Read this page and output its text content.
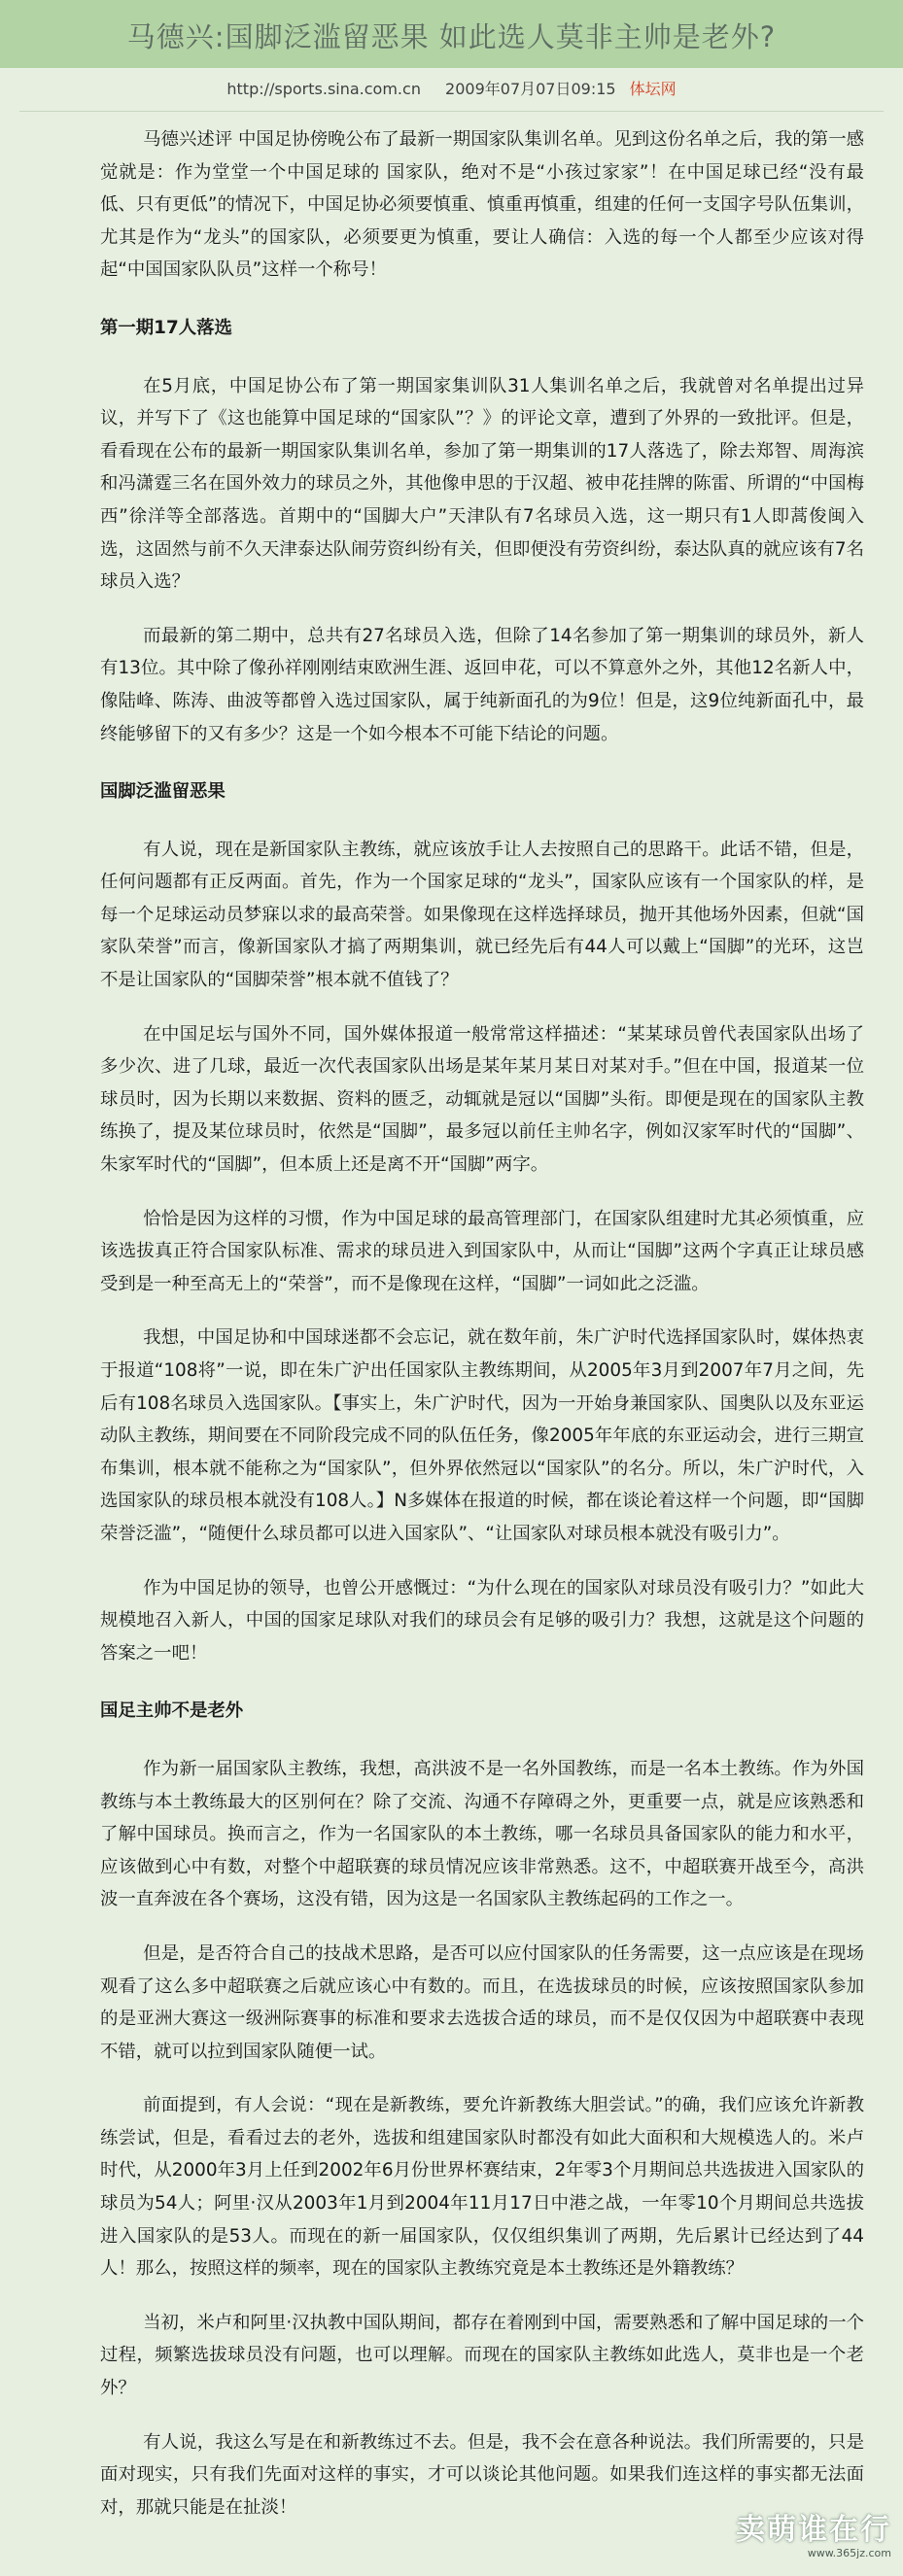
马德兴:国脚泛滥留恶果 如此选人莫非主帅是老外?
http://sports.sina.com.cn 2009年07月07日09:15 体坛网

马德兴述评 中国足协傍晚公布了最新一期国家队集训名单。见到这份名单之后，我的第一感觉就是：作为堂堂一个中国足球的 国家队，绝对不是“小孩过家家”！在中国足球已经“没有最低、只有更低”的情况下，中国足协必须要慎重、慎重再慎重，组建的任何一支国字号队伍集训，尤其是作为“龙头”的国家队，必须要更为慎重，要让人确信：入选的每一个人都至少应该对得起“中国国家队队员”这样一个称号！

第一期17人落选

在5月底，中国足协公布了第一期国家集训队31人集训名单之后，我就曾对名单提出过异议，并写下了《这也能算中国足球的“国家队”？》的评论文章，遭到了外界的一致批评。但是，看看现在公布的最新一期国家队集训名单，参加了第一期集训的17人落选了，除去郑智、周海滨和冯潇霆三名在国外效力的球员之外，其他像申思的于汉超、被申花挂牌的陈雷、所谓的“中国梅西”徐洋等全部落选。首期中的“国脚大户”天津队有7名球员入选，这一期只有1人即蒿俊闽入选，这固然与前不久天津泰达队闹劳资纠纷有关，但即便没有劳资纠纷，泰达队真的就应该有7名球员入选？

而最新的第二期中，总共有27名球员入选，但除了14名参加了第一期集训的球员外，新人有13位。其中除了像孙祥刚刚结束欧洲生涯、返回申花，可以不算意外之外，其他12名新人中，像陆峰、陈涛、曲波等都曾入选过国家队，属于纯新面孔的为9位！但是，这9位纯新面孔中，最终能够留下的又有多少？这是一个如今根本不可能下结论的问题。

国脚泛滥留恶果

有人说，现在是新国家队主教练，就应该放手让人去按照自己的思路干。此话不错，但是，任何问题都有正反两面。首先，作为一个国家足球的“龙头”，国家队应该有一个国家队的样，是每一个足球运动员梦寐以求的最高荣誉。如果像现在这样选择球员，抛开其他场外因素，但就“国家队荣誉”而言，像新国家队才搞了两期集训，就已经先后有44人可以戴上“国脚”的光环，这岂不是让国家队的“国脚荣誉”根本就不值钱了？

在中国足坛与国外不同，国外媒体报道一般常常这样描述：“某某球员曾代表国家队出场了多少次、进了几球，最近一次代表国家队出场是某年某月某日对某对手。”但在中国，报道某一位球员时，因为长期以来数据、资料的匮乏，动辄就是冠以“国脚”头衔。即便是现在的国家队主教练换了，提及某位球员时，依然是“国脚”，最多冠以前任主帅名字，例如汉家军时代的“国脚”、朱家军时代的“国脚”，但本质上还是离不开“国脚”两字。

恰恰是因为这样的习惯，作为中国足球的最高管理部门，在国家队组建时尤其必须慎重，应该选拔真正符合国家队标准、需求的球员进入到国家队中，从而让“国脚”这两个字真正让球员感受到是一种至高无上的“荣誉”，而不是像现在这样，“国脚”一词如此之泛滥。

我想，中国足协和中国球迷都不会忘记，就在数年前，朱广沪时代选择国家队时，媒体热衷于报道“108将”一说，即在朱广沪出任国家队主教练期间，从2005年3月到2007年7月之间，先后有108名球员入选国家队。【事实上，朱广沪时代，因为一开始身兼国家队、国奥队以及东亚运动队主教练，期间要在不同阶段完成不同的队伍任务，像2005年年底的东亚运动会，进行三期宣布集训，根本就不能称之为“国家队”，但外界依然冠以“国家队”的名分。所以，朱广沪时代，入选国家队的球员根本就没有108人。】N多媒体在报道的时候，都在谈论着这样一个问题，即“国脚荣誉泛滥”，“随便什么球员都可以进入国家队”、“让国家队对球员根本就没有吸引力”。

作为中国足协的领导，也曾公开感慨过：“为什么现在的国家队对球员没有吸引力？”如此大规模地召入新人，中国的国家足球队对我们的球员会有足够的吸引力？我想，这就是这个问题的答案之一吧！

国足主帅不是老外

作为新一届国家队主教练，我想，高洪波不是一名外国教练，而是一名本土教练。作为外国教练与本土教练最大的区别何在？除了交流、沟通不存障碍之外，更重要一点，就是应该熟悉和了解中国球员。换而言之，作为一名国家队的本土教练，哪一名球员具备国家队的能力和水平，应该做到心中有数，对整个中超联赛的球员情况应该非常熟悉。这不，中超联赛开战至今，高洪波一直奔波在各个赛场，这没有错，因为这是一名国家队主教练起码的工作之一。

但是，是否符合自己的技战术思路，是否可以应付国家队的任务需要，这一点应该是在现场观看了这么多中超联赛之后就应该心中有数的。而且，在选拔球员的时候，应该按照国家队参加的是亚洲大赛这一级洲际赛事的标准和要求去选拔合适的球员，而不是仅仅因为中超联赛中表现不错，就可以拉到国家队随便一试。

前面提到，有人会说：“现在是新教练，要允许新教练大胆尝试。”的确，我们应该允许新教练尝试，但是，看看过去的老外，选拔和组建国家队时都没有如此大面积和大规模选人的。米卢时代，从2000年3月上任到2002年6月份世界杯赛结束，2年零3个月期间总共选拔进入国家队的球员为54人；阿里·汉从2003年1月到2004年11月17日中港之战，一年零10个月期间总共选拔进入国家队的是53人。而现在的新一届国家队，仅仅组织集训了两期，先后累计已经达到了44人！那么，按照这样的频率，现在的国家队主教练究竟是本土教练还是外籍教练？

当初，米卢和阿里·汉执教中国队期间，都存在着刚到中国，需要熟悉和了解中国足球的一个过程，频繁选拔球员没有问题，也可以理解。而现在的国家队主教练如此选人，莫非也是一个老外？

有人说，我这么写是在和新教练过不去。但是，我不会在意各种说法。我们所需要的，只是面对现实，只有我们先面对这样的事实，才可以谈论其他问题。如果我们连这样的事实都无法面对，那就只能是在扯淡！

卖萌谁在行
www.365jz.com
